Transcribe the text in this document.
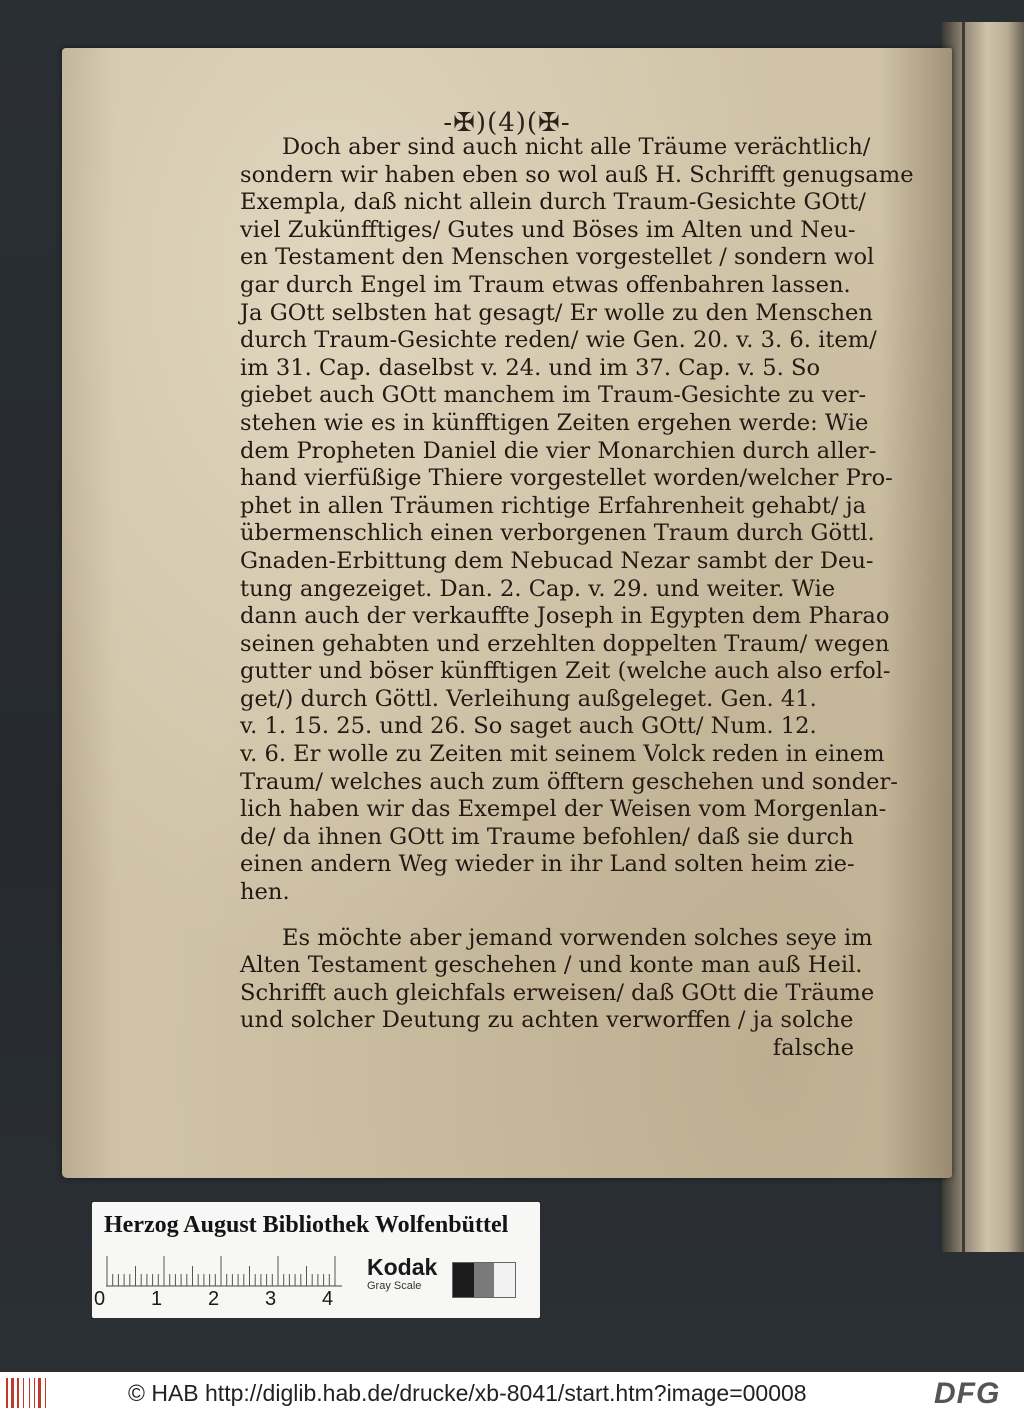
-✠)(4)(✠-
Doch aber sind auch nicht alle Träume verächtlich/
sondern wir haben eben so wol auß H. Schrifft genugsame
Exempla, daß nicht allein durch Traum-Gesichte GOtt/
viel Zukünfftiges/ Gutes und Böses im Alten und Neu-
en Testament den Menschen vorgestellet / sondern wol
gar durch Engel im Traum etwas offenbahren lassen.
Ja GOtt selbsten hat gesagt/ Er wolle zu den Menschen
durch Traum-Gesichte reden/ wie Gen. 20. v. 3. 6. item/
im 31. Cap. daselbst v. 24. und im 37. Cap. v. 5. So
giebet auch GOtt manchem im Traum-Gesichte zu ver-
stehen wie es in künfftigen Zeiten ergehen werde: Wie
dem Propheten Daniel die vier Monarchien durch aller-
hand vierfüßige Thiere vorgestellet worden/welcher Pro-
phet in allen Träumen richtige Erfahrenheit gehabt/ ja
übermenschlich einen verborgenen Traum durch Göttl.
Gnaden-Erbittung dem Nebucad Nezar sambt der Deu-
tung angezeiget. Dan. 2. Cap. v. 29. und weiter. Wie
dann auch der verkauffte Joseph in Egypten dem Pharao
seinen gehabten und erzehlten doppelten Traum/ wegen
gutter und böser künfftigen Zeit (welche auch also erfol-
get/) durch Göttl. Verleihung außgeleget. Gen. 41.
v. 1. 15. 25. und 26. So saget auch GOtt/ Num. 12.
v. 6. Er wolle zu Zeiten mit seinem Volck reden in einem
Traum/ welches auch zum öfftern geschehen und sonder-
lich haben wir das Exempel der Weisen vom Morgenlan-
de/ da ihnen GOtt im Traume befohlen/ daß sie durch
einen andern Weg wieder in ihr Land solten heim zie-
hen.
Es möchte aber jemand vorwenden solches seye im
Alten Testament geschehen / und konte man auß Heil.
Schrifft auch gleichfals erweisen/ daß GOtt die Träume
und solcher Deutung zu achten verworffen / ja solche
falsche
Herzog August Bibliothek Wolfenbüttel
0 1 2 3 4
Kodak
Gray Scale
© HAB http://diglib.hab.de/drucke/xb-8041/start.htm?image=00008	DFG
